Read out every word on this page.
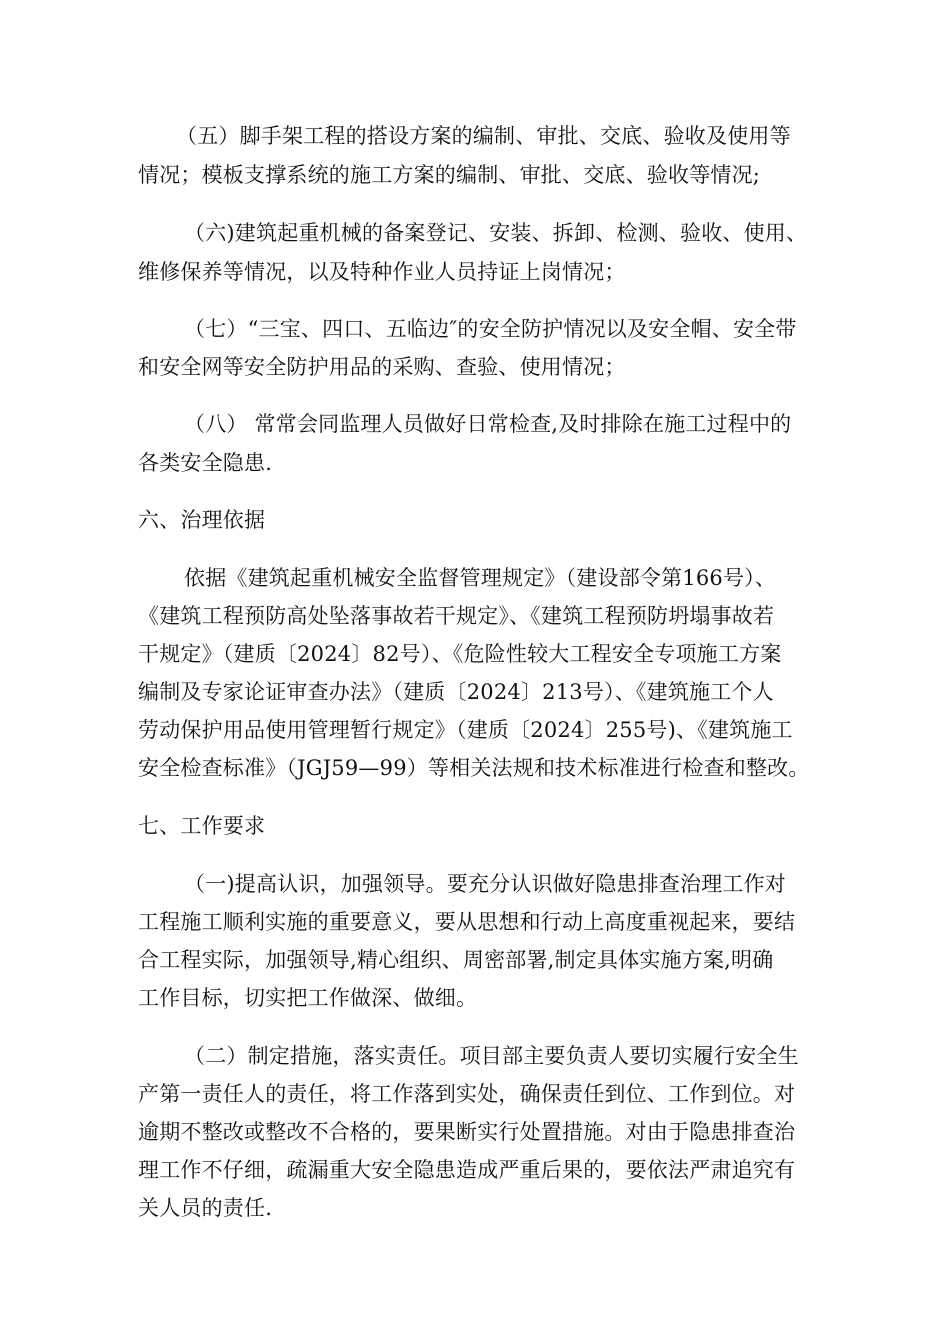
（五）脚手架工程的搭设方案的编制、审批、交底、验收及使用等
情况；模板支撑系统的施工方案的编制、审批、交底、验收等情况;
（六)建筑起重机械的备案登记、安装、拆卸、检测、验收、使用、
维修保养等情况，以及特种作业人员持证上岗情况；
（七）“三宝、四口、五临边″的安全防护情况以及安全帽、安全带
和安全网等安全防护用品的采购、查验、使用情况；
（八） 常常会同监理人员做好日常检查,及时排除在施工过程中的
各类安全隐患.
六、治理依据
依据《建筑起重机械安全监督管理规定》（建设部令第166号）、
《建筑工程预防高处坠落事故若干规定》、《建筑工程预防坍塌事故若
干规定》（建质〔2024〕82号）、《危险性较大工程安全专项施工方案
编制及专家论证审查办法》（建质〔2024〕213号）、《建筑施工个人
劳动保护用品使用管理暂行规定》（建质〔2024〕255号)、《建筑施工
安全检查标准》（JGJ59—99）等相关法规和技术标准进行检查和整改。
七、工作要求
（一)提高认识，加强领导。要充分认识做好隐患排查治理工作对
工程施工顺利实施的重要意义，要从思想和行动上高度重视起来，要结
合工程实际，加强领导,精心组织、周密部署,制定具体实施方案,明确
工作目标，切实把工作做深、做细。
（二）制定措施，落实责任。项目部主要负责人要切实履行安全生
产第一责任人的责任，将工作落到实处，确保责任到位、工作到位。对
逾期不整改或整改不合格的，要果断实行处置措施。对由于隐患排查治
理工作不仔细，疏漏重大安全隐患造成严重后果的，要依法严肃追究有
关人员的责任.
